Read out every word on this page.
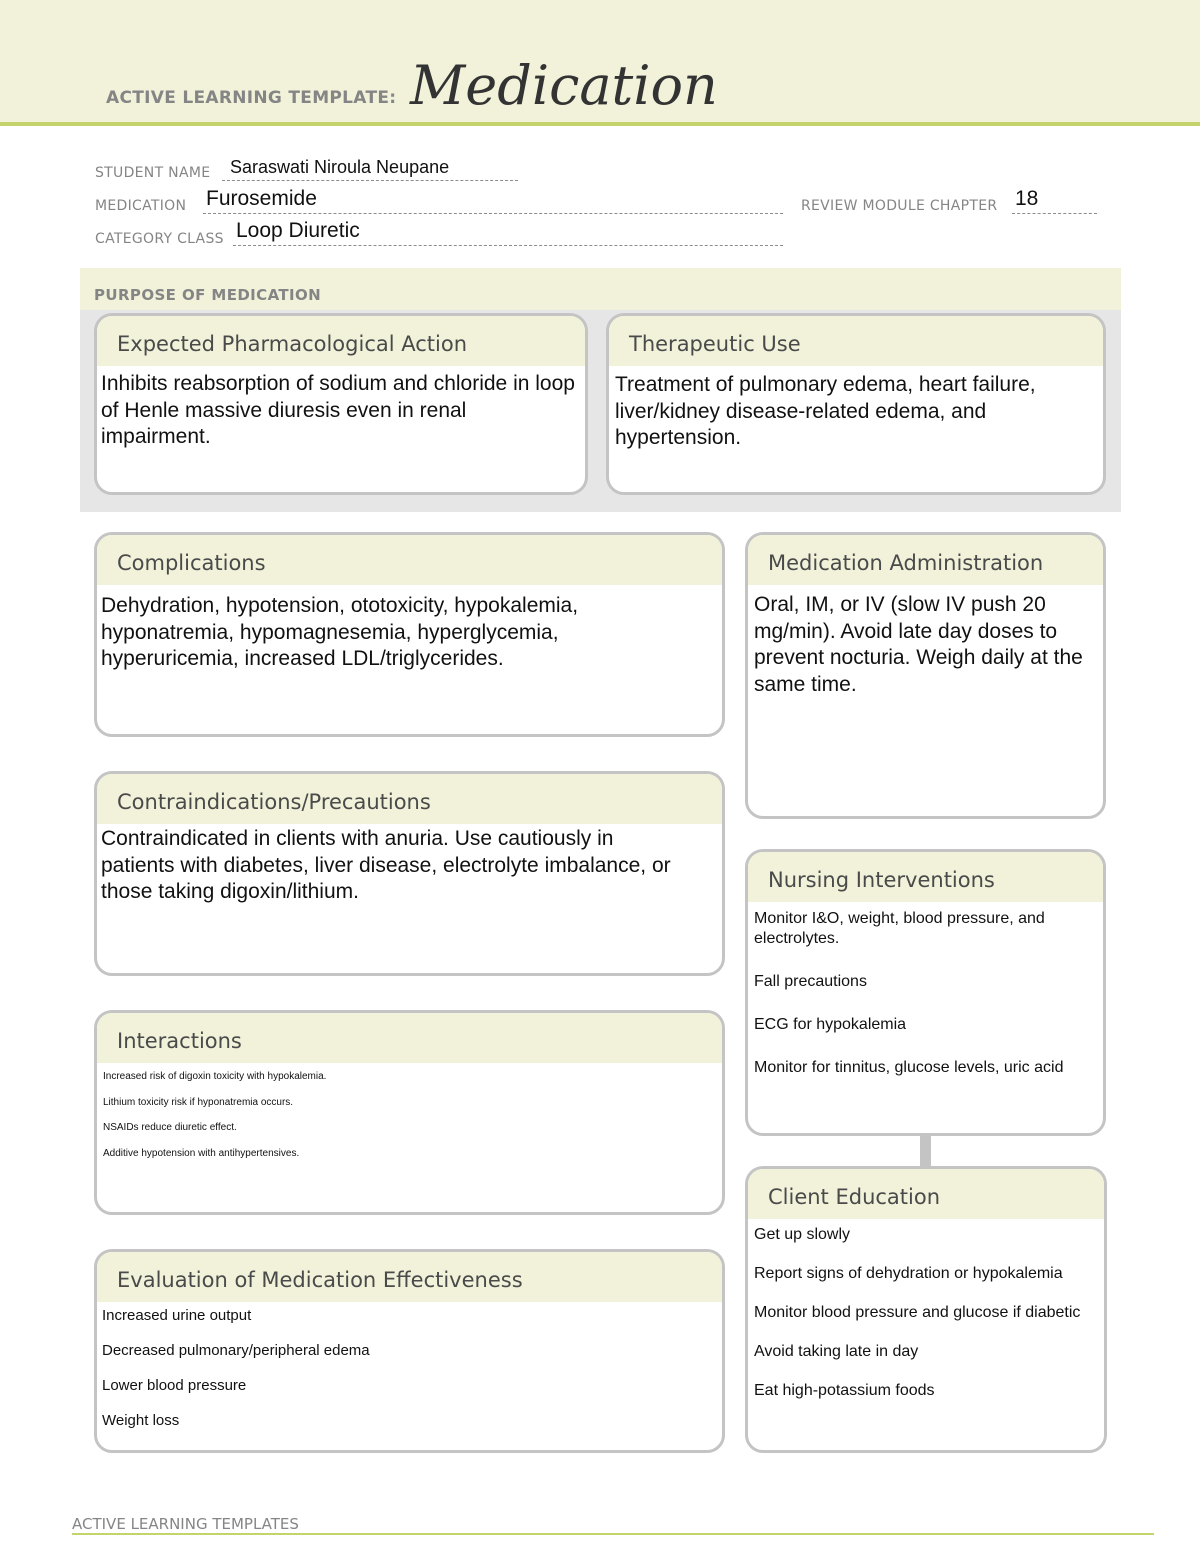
ACTIVE LEARNING TEMPLATE: Medication
STUDENT NAME Saraswati Niroula Neupane
MEDICATION Furosemide	REVIEW MODULE CHAPTER 18
CATEGORY CLASS Loop Diuretic
PURPOSE OF MEDICATION
Expected Pharmacological Action
Inhibits reabsorption of sodium and chloride in loop of Henle massive diuresis even in renal impairment.
Therapeutic Use
Treatment of pulmonary edema, heart failure, liver/kidney disease-related edema, and hypertension.
Complications
Dehydration, hypotension, ototoxicity, hypokalemia, hyponatremia, hypomagnesemia, hyperglycemia, hyperuricemia, increased LDL/triglycerides.
Medication Administration
Oral, IM, or IV (slow IV push 20 mg/min). Avoid late day doses to prevent nocturia. Weigh daily at the same time.
Contraindications/Precautions
Contraindicated in clients with anuria. Use cautiously in patients with diabetes, liver disease, electrolyte imbalance, or those taking digoxin/lithium.	Nursing Interventions

Monitor I&O, weight, blood pressure, and electrolytes.

Fall precautions

ECG for hypokalemia

Monitor for tinnitus, glucose levels, uric acid

Interactions

Increased risk of digoxin toxicity with hypokalemia.

Lithium toxicity risk if hyponatremia occurs.

NSAIDs reduce diuretic effect.

Additive hypotension with antihypertensives.

Client Education

Get up slowly

Report signs of dehydration or hypokalemia

Monitor blood pressure and glucose if diabetic

Avoid taking late in day

Eat high-potassium foods

Evaluation of Medication Effectiveness

Increased urine output

Decreased pulmonary/peripheral edema

Lower blood pressure

Weight loss

ACTIVE LEARNING TEMPLATES
